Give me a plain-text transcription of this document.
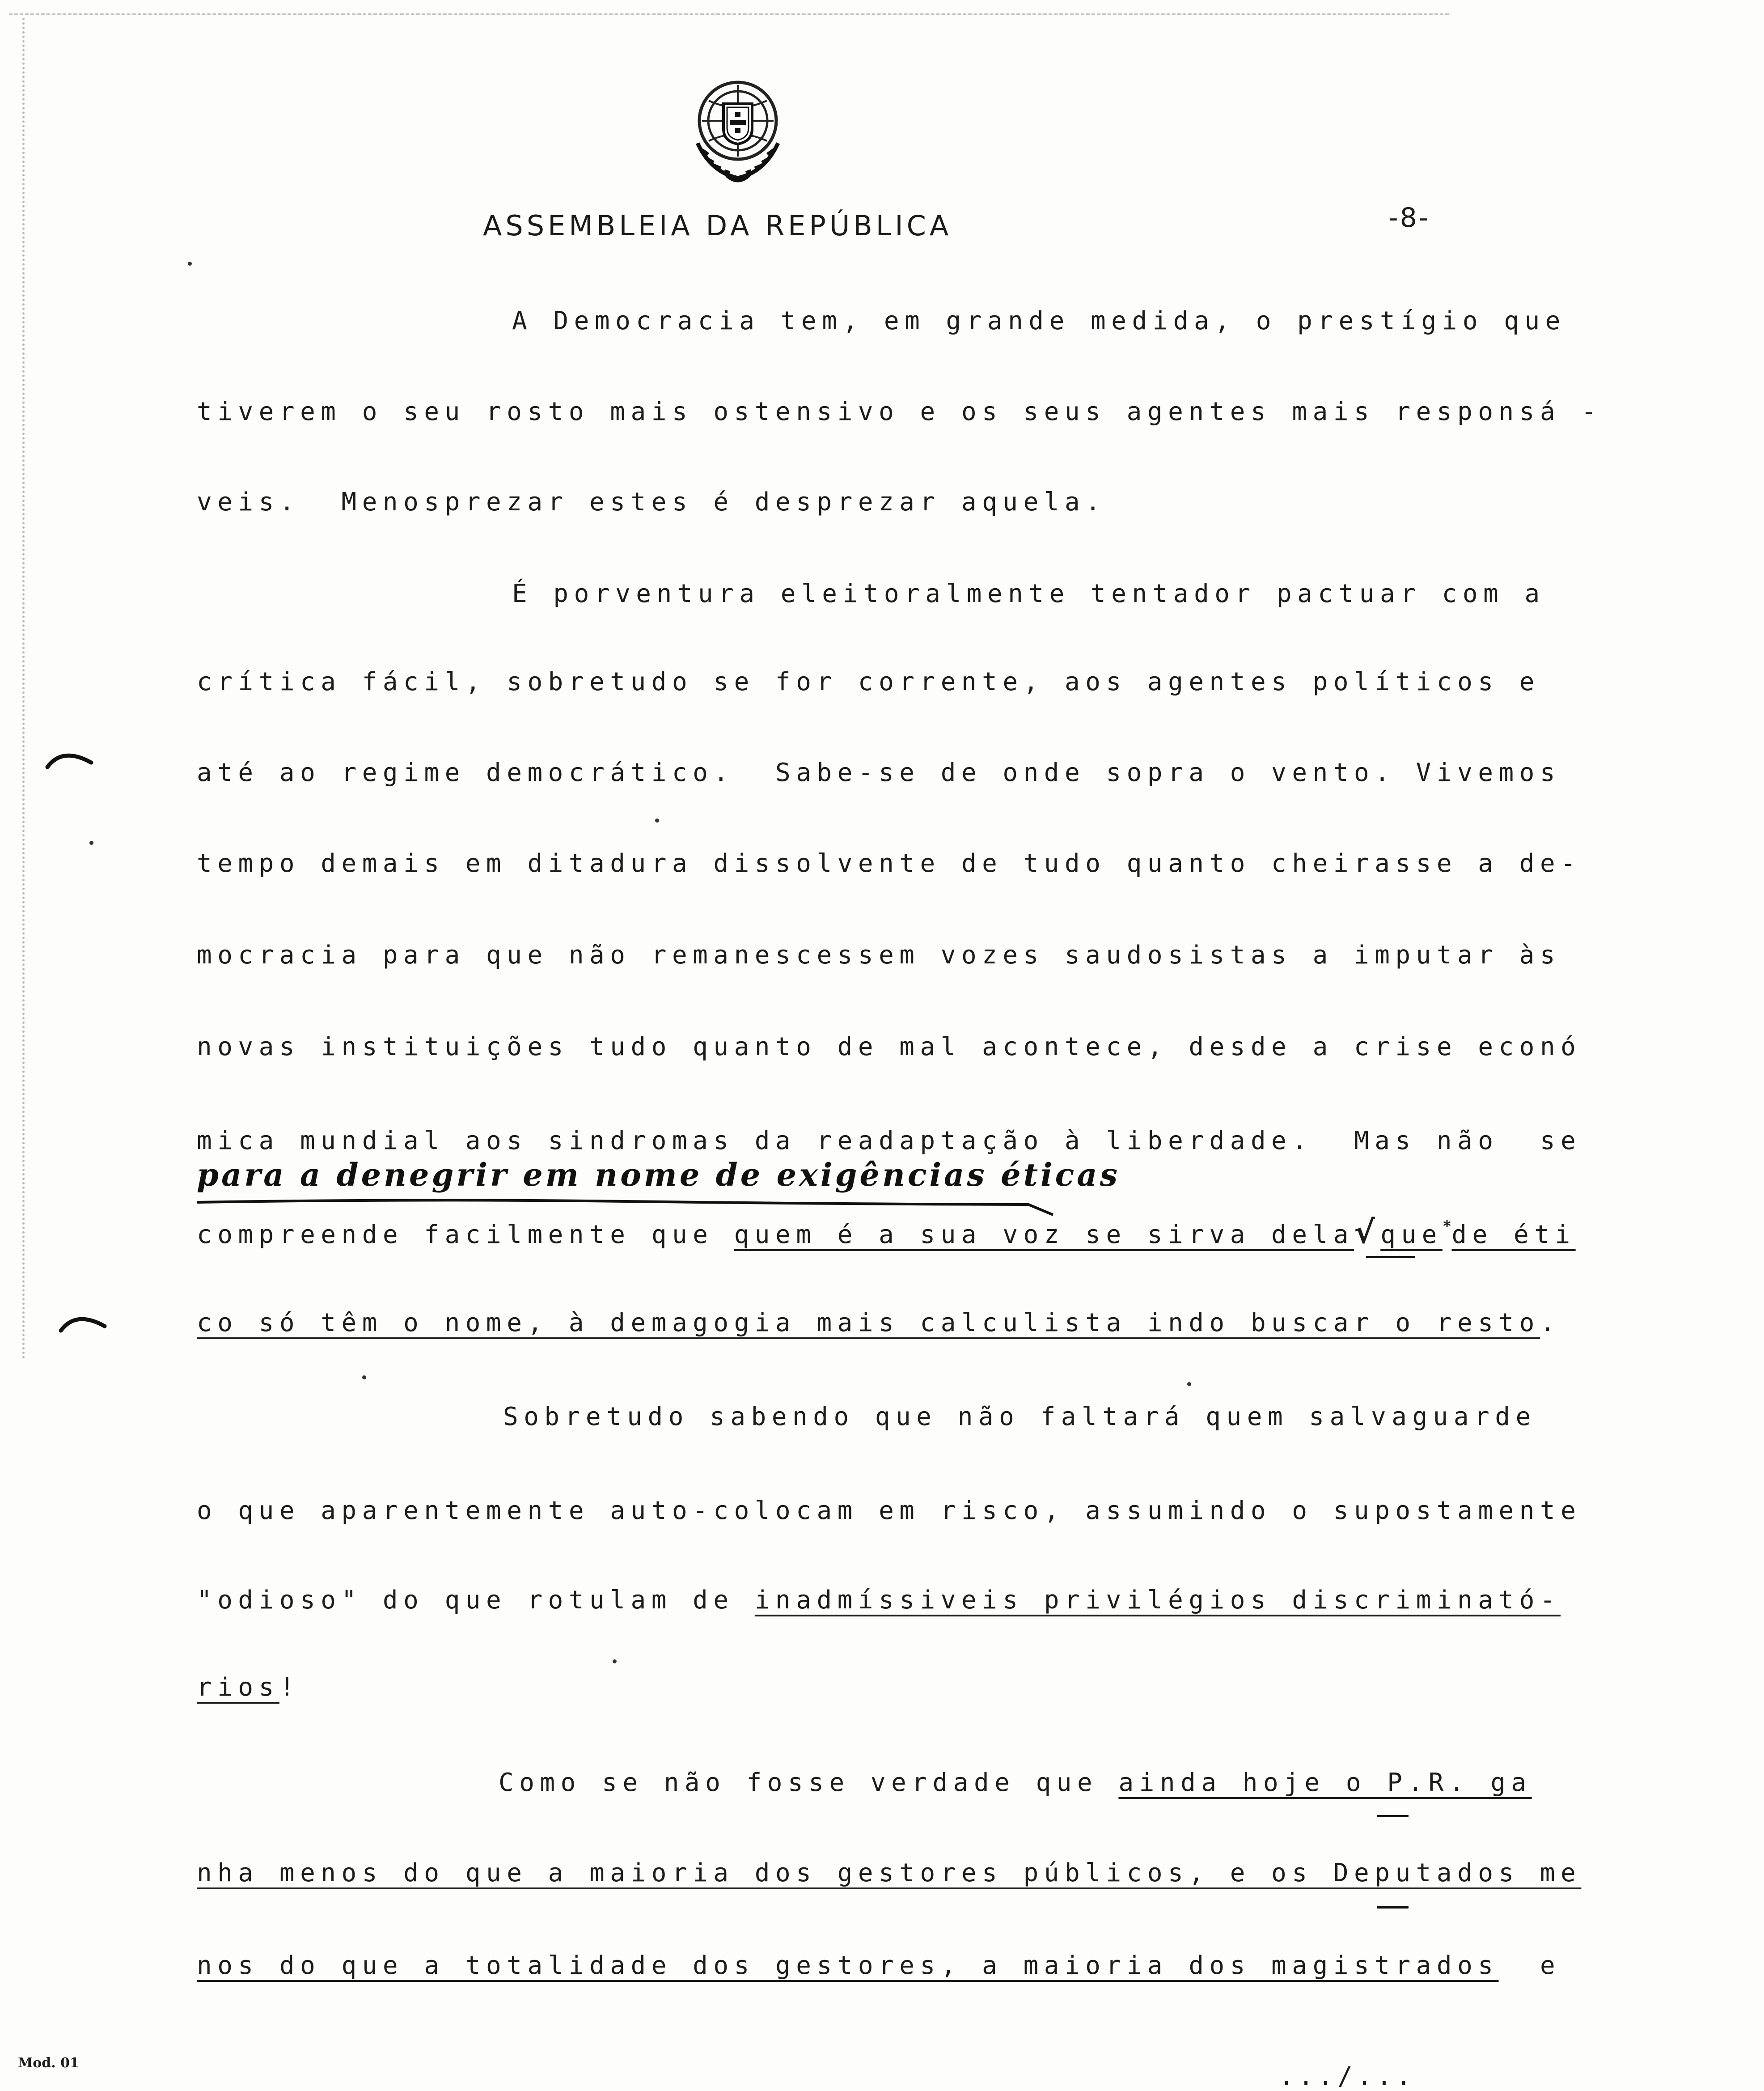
ASSEMBLEIA DA REPÚBLICA	-8-
A Democracia tem, em grande medida, o prestígio que
tiverem o seu rosto mais ostensivo e os seus agentes mais responsá -
veis.  Menosprezar estes é desprezar aquela.
É porventura eleitoralmente tentador pactuar com a
crítica fácil, sobretudo se for corrente, aos agentes políticos e
até ao regime democrático.  Sabe-se de onde sopra o vento. Vivemos
tempo demais em ditadura dissolvente de tudo quanto cheirasse a de-
mocracia para que não remanescessem vozes saudosistas a imputar às
novas instituições tudo quanto de mal acontece, desde a crise econó
mica mundial aos sindromas da readaptação à liberdade.  Mas não  se
para a denegrir em nome de exigências éticas
compreende facilmente que quem é a sua voz se sirva dela√que*de éti
co só têm o nome, à demagogia mais calculista indo buscar o resto.
Sobretudo sabendo que não faltará quem salvaguarde
o que aparentemente auto-colocam em risco, assumindo o supostamente
"odioso" do que rotulam de inadmíssiveis privilégios discriminató-
rios!
Como se não fosse verdade que ainda hoje o P.R. ga
nha menos do que a maioria dos gestores públicos, e os Deputados me
nos do que a totalidade dos gestores, a maioria dos magistrados  e
Mod. 01	.../...
